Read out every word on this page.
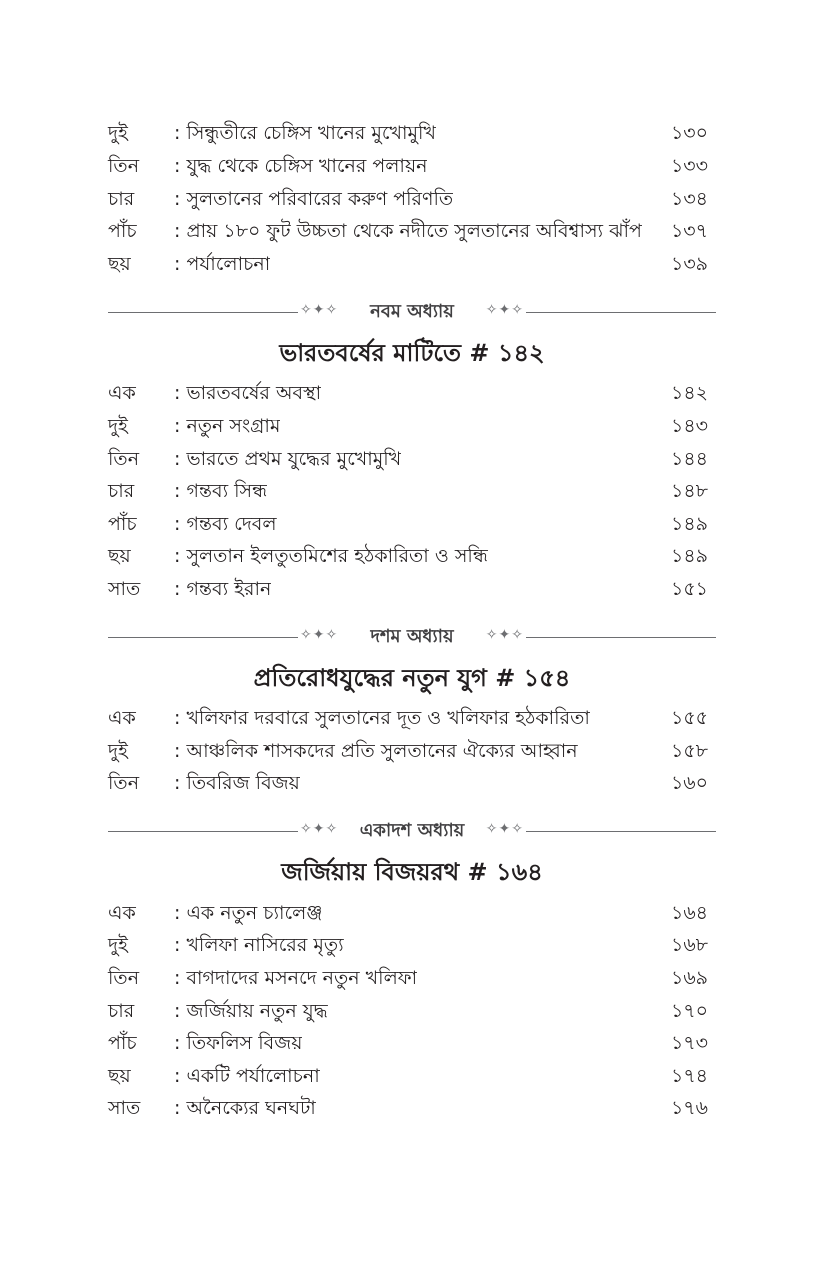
দুই : সিন্ধুতীরে চেঙ্গিস খানের মুখোমুখি	১৩০
তিন : যুদ্ধ থেকে চেঙ্গিস খানের পলায়ন	১৩৩
চার : সুলতানের পরিবারের করুণ পরিণতি	১৩৪
পাঁচ : প্রায় ১৮০ ফুট উচ্চতা থেকে নদীতে সুলতানের অবিশ্বাস্য ঝাঁপ ১৩৭
ছয় : পর্যালোচনা	১৩৯
✧✦✧	নবম অধ্যায়	✧✦✧
ভারতবর্ষের মাটিতে # ১৪২
এক : ভারতবর্ষের অবস্থা	১৪২
দুই : নতুন সংগ্রাম	১৪৩
তিন : ভারতে প্রথম যুদ্ধের মুখোমুখি	১৪৪
চার : গন্তব্য সিন্ধ	১৪৮
পাঁচ : গন্তব্য দেবল	১৪৯
ছয় : সুলতান ইলতুতমিশের হঠকারিতা ও সন্ধি	১৪৯
সাত : গন্তব্য ইরান	১৫১
✧✦✧	দশম অধ্যায়	✧✦✧
প্রতিরোধযুদ্ধের নতুন যুগ # ১৫৪
এক : খলিফার দরবারে সুলতানের দূত ও খলিফার হঠকারিতা	১৫৫
দুই : আঞ্চলিক শাসকদের প্রতি সুলতানের ঐক্যের আহ্বান	১৫৮
তিন : তিবরিজ বিজয়	১৬০
✧✦✧	একাদশ অধ্যায়	✧✦✧
জর্জিয়ায় বিজয়রথ # ১৬৪
এক : এক নতুন চ্যালেঞ্জ	১৬৪
দুই : খলিফা নাসিরের মৃত্যু	১৬৮
তিন : বাগদাদের মসনদে নতুন খলিফা	১৬৯
চার : জর্জিয়ায় নতুন যুদ্ধ	১৭০
পাঁচ : তিফলিস বিজয়	১৭৩
ছয় : একটি পর্যালোচনা	১৭৪
সাত : অনৈক্যের ঘনঘটা	১৭৬
